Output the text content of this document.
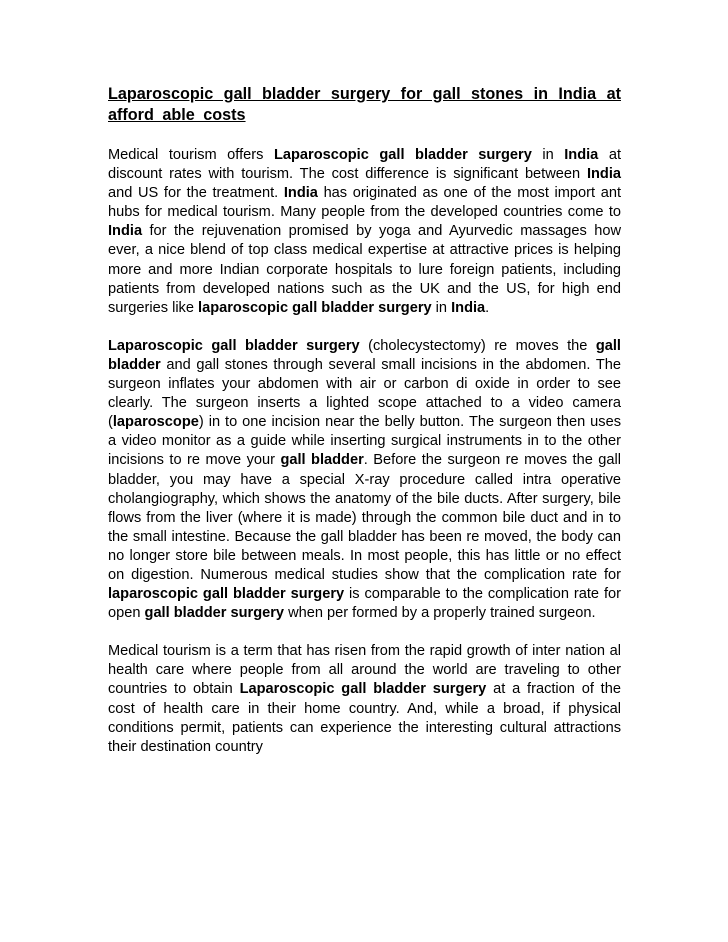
Laparoscopic gall bladder surgery for gall stones in India at afford able costs

Medical tourism offers Laparoscopic gall bladder surgery in India at discount rates with tourism. The cost difference is significant between India and US for the treatment. India has originated as one of the most import ant hubs for medical tourism. Many people from the developed countries come to India for the rejuvenation promised by yoga and Ayurvedic massages how ever, a nice blend of top class medical expertise at attractive prices is helping more and more Indian corporate hospitals to lure foreign patients, including patients from developed nations such as the UK and the US, for high end surgeries like laparoscopic gall bladder surgery in India.

Laparoscopic gall bladder surgery (cholecystectomy) re moves the gall bladder and gall stones through several small incisions in the abdomen. The surgeon inflates your abdomen with air or carbon di oxide in order to see clearly. The surgeon inserts a lighted scope attached to a video camera (laparoscope) in to one incision near the belly button. The surgeon then uses a video monitor as a guide while inserting surgical instruments in to the other incisions to re move your gall bladder. Before the surgeon re moves the gall bladder, you may have a special X-ray procedure called intra operative cholangiography, which shows the anatomy of the bile ducts. After surgery, bile flows from the liver (where it is made) through the common bile duct and in to the small intestine. Because the gall bladder has been re moved, the body can no longer store bile between meals. In most people, this has little or no effect on digestion. Numerous medical studies show that the complication rate for laparoscopic gall bladder surgery is comparable to the complication rate for open gall bladder surgery when per formed by a properly trained surgeon.

Medical tourism is a term that has risen from the rapid growth of inter nation al health care where people from all around the world are traveling to other countries to obtain Laparoscopic gall bladder surgery at a fraction of the cost of health care in their home country. And, while a broad, if physical conditions permit, patients can experience the interesting cultural attractions their destination country
